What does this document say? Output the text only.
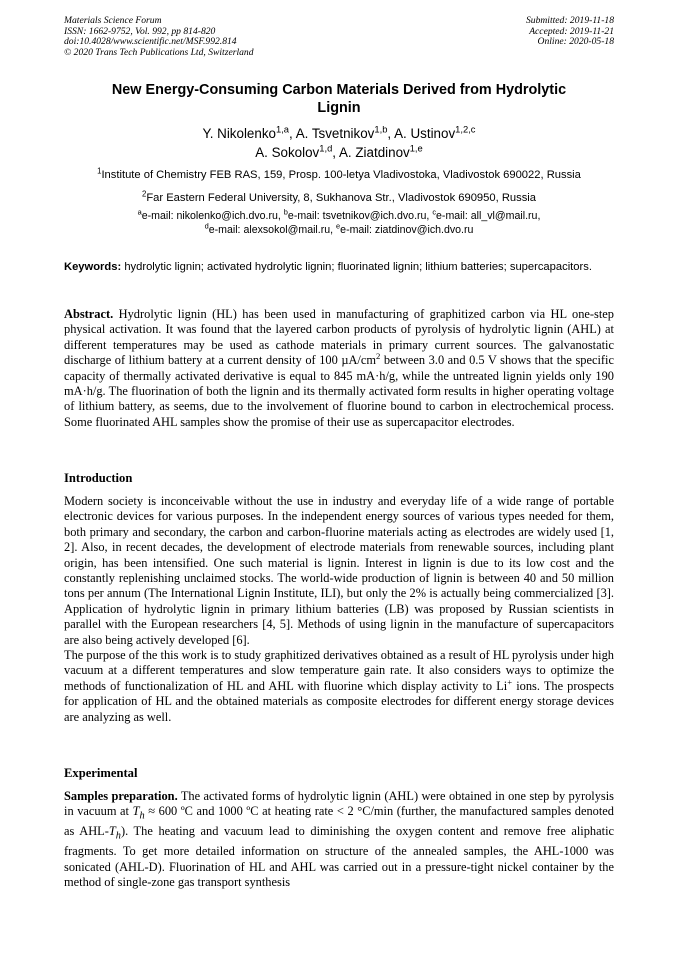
Materials Science Forum
ISSN: 1662-9752, Vol. 992, pp 814-820
doi:10.4028/www.scientific.net/MSF.992.814
© 2020 Trans Tech Publications Ltd, Switzerland
Submitted: 2019-11-18
Accepted: 2019-11-21
Online: 2020-05-18
New Energy-Consuming Carbon Materials Derived from Hydrolytic
Lignin
Y. Nikolenko$^{1,a}$, A. Tsvetnikov$^{1,b}$, A. Ustinov$^{1,2,c}$
A. Sokolov$^{1,d}$, A. Ziatdinov$^{1,e}$
$^1$Institute of Chemistry FEB RAS, 159, Prosp. 100-letya Vladivostoka, Vladivostok 690022, Russia
$^2$Far Eastern Federal University, 8, Sukhanova Str., Vladivostok 690950, Russia
$^a$e-mail: nikolenko@ich.dvo.ru, $^b$e-mail: tsvetnikov@ich.dvo.ru, $^c$e-mail: all_vl@mail.ru,
$^d$e-mail: alexsokol@mail.ru, $^e$e-mail: ziatdinov@ich.dvo.ru
Keywords: hydrolytic lignin; activated hydrolytic lignin; fluorinated lignin; lithium batteries; supercapacitors.

Abstract. Hydrolytic lignin (HL) has been used in manufacturing of graphitized carbon via HL one-step physical activation. It was found that the layered carbon products of pyrolysis of hydrolytic lignin (AHL) at different temperatures may be used as cathode materials in primary current sources. The galvanostatic discharge of lithium battery at a current density of 100 $\mu A/cm^2$ between 3.0 and 0.5 V shows that the specific capacity of thermally activated derivative is equal to 845 mA·h/g, while the untreated lignin yields only 190 mA·h/g. The fluorination of both the lignin and its thermally activated form results in higher operating voltage of lithium battery, as seems, due to the involvement of fluorine bound to carbon in electrochemical process. Some fluorinated AHL samples show the promise of their use as supercapacitor electrodes.

Introduction

Modern society is inconceivable without the use in industry and everyday life of a wide range of portable electronic devices for various purposes. In the independent energy sources of various types needed for them, both primary and secondary, the carbon and carbon-fluorine materials acting as electrodes are widely used [1, 2]. Also, in recent decades, the development of electrode materials from renewable sources, including plant origin, has been intensified. One such material is lignin. Interest in lignin is due to its low cost and the constantly replenishing unclaimed stocks. The world-wide production of lignin is between 40 and 50 million tons per annum (The International Lignin Institute, ILI), but only the 2% is actually being commercialized [3]. Application of hydrolytic lignin in primary lithium batteries (LB) was proposed by Russian scientists in parallel with the European researchers [4, 5]. Methods of using lignin in the manufacture of supercapacitors are also being actively developed [6].

The purpose of the this work is to study graphitized derivatives obtained as a result of HL pyrolysis under high vacuum at a different temperatures and slow temperature gain rate. It also considers ways to optimize the methods of functionalization of HL and AHL with fluorine which display activity to Li+ ions. The prospects for application of HL and the obtained materials as composite electrodes for different energy storage devices are analyzing as well.

Experimental

Samples preparation. The activated forms of hydrolytic lignin (AHL) were obtained in one step by pyrolysis in vacuum at $T_h \approx 600$ ºC and 1000 ºC at heating rate < 2 °C/min (further, the manufactured samples denoted as AHL-$T_h$). The heating and vacuum lead to diminishing the oxygen content and remove free aliphatic fragments. To get more detailed information on structure of the annealed samples, the AHL-1000 was sonicated (AHL-D). Fluorination of HL and AHL was carried out in a pressure-tight nickel container by the method of single-zone gas transport synthesis
